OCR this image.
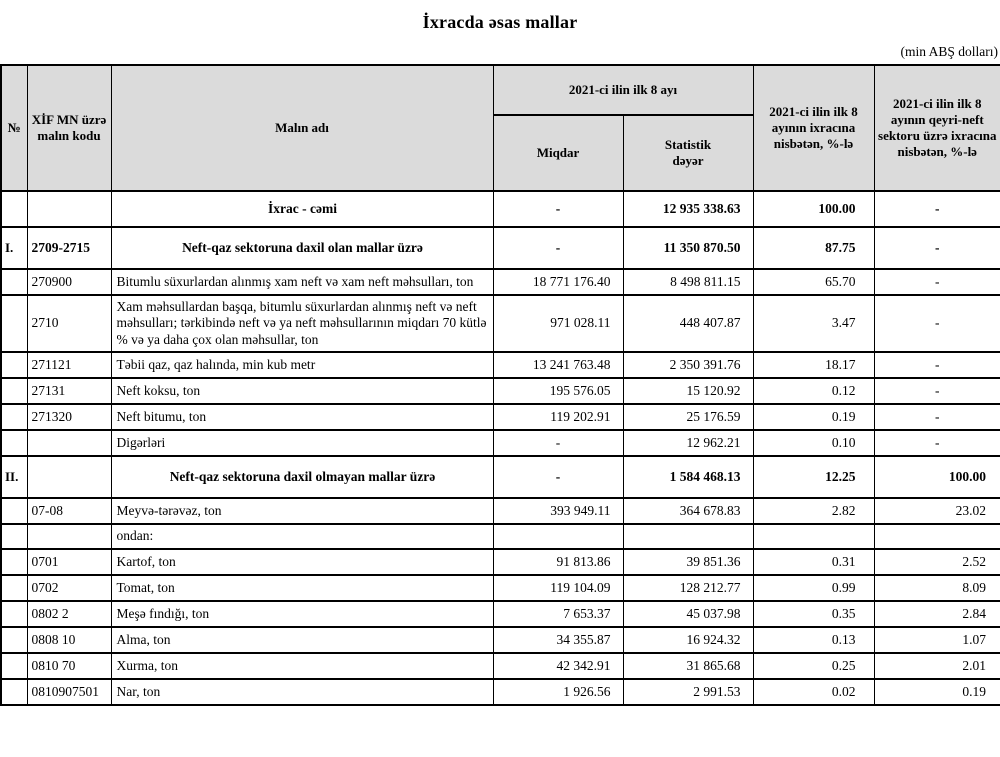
İxracda əsas mallar
(min ABŞ dolları)
№	XİF MN üzrə malın kodu	Malın adı	2021-ci ilin ilk 8 ayı		2021-ci ilin ilk 8 ayının ixracına nisbətən, %-lə	2021-ci ilin ilk 8 ayının qeyri-neft sektoru üzrə ixracına nisbətən, %-lə
			Miqdar	Statistik dəyər		
		İxrac - cəmi	-	12 935 338.63	100.00	-
I.	2709-2715	Neft-qaz sektoruna daxil olan mallar üzrə	-	11 350 870.50	87.75	-
	270900	Bitumlu süxurlardan alınmış xam neft və xam neft məhsulları, ton	18 771 176.40	8 498 811.15	65.70	-
	2710	Xam məhsullardan başqa, bitumlu süxurlardan alınmış neft və neft məhsulları; tərkibində neft və ya neft məhsullarının miqdarı 70 kütlə % və ya daha çox olan məhsullar, ton	971 028.11	448 407.87	3.47	-
	271121	Təbii qaz, qaz halında, min kub metr	13 241 763.48	2 350 391.76	18.17	-
	27131	Neft koksu, ton	195 576.05	15 120.92	0.12	-
	271320	Neft bitumu, ton	119 202.91	25 176.59	0.19	-
		Digərləri	-	12 962.21	0.10	-
II.		Neft-qaz sektoruna daxil olmayan mallar üzrə	-	1 584 468.13	12.25	100.00
	07-08	Meyvə-tərəvəz, ton	393 949.11	364 678.83	2.82	23.02
		ondan:				
	0701	Kartof, ton	91 813.86	39 851.36	0.31	2.52
	0702	Tomat, ton	119 104.09	128 212.77	0.99	8.09
	0802 2	Meşə fındığı, ton	7 653.37	45 037.98	0.35	2.84
	0808 10	Alma, ton	34 355.87	16 924.32	0.13	1.07
	0810 70	Xurma, ton	42 342.91	31 865.68	0.25	2.01
	0810907501	Nar, ton	1 926.56	2 991.53	0.02	0.19
